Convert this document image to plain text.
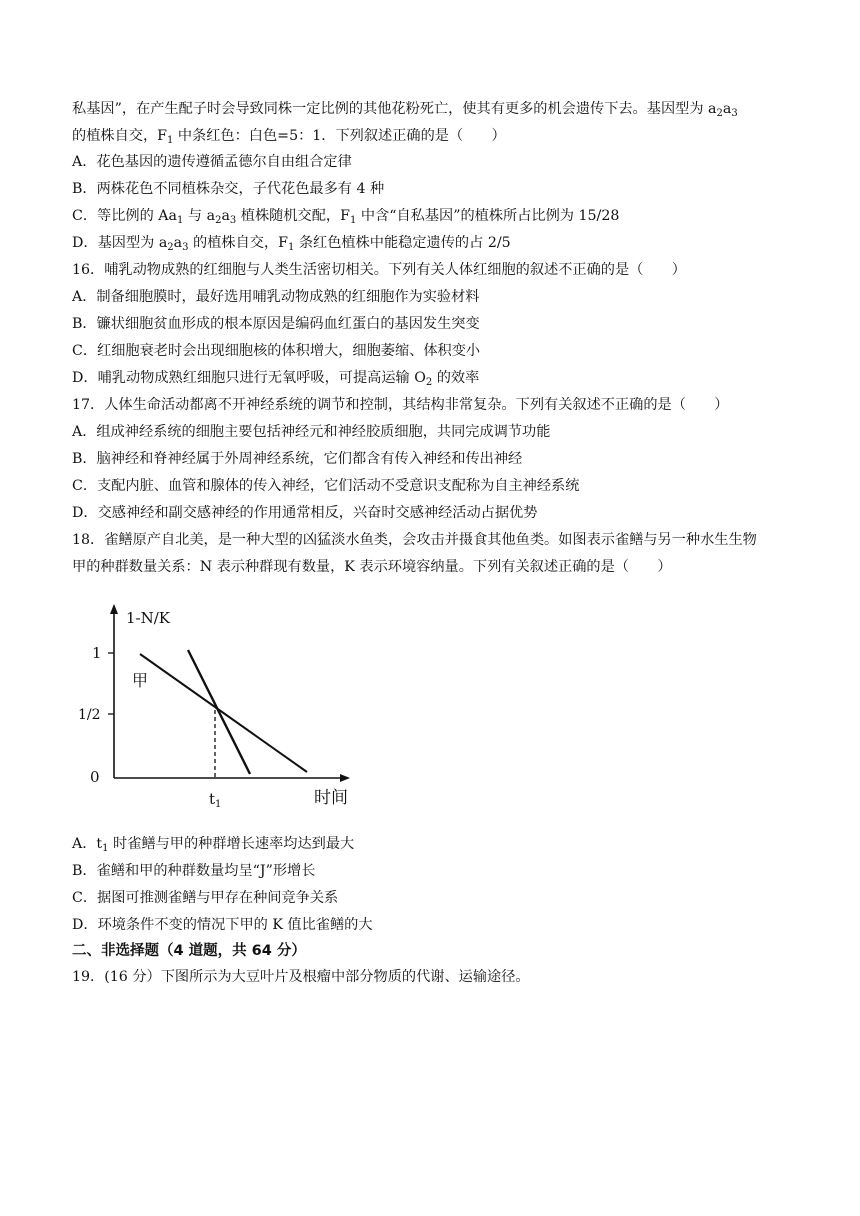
私基因”，在产生配子时会导致同株一定比例的其他花粉死亡，使其有更多的机会遗传下去。基因型为 $a_2a_3$
的植株自交，$F_1$ 中条红色：白色=5：1．下列叙述正确的是（　　）
A．花色基因的遗传遵循孟德尔自由组合定律
B．两株花色不同植株杂交，子代花色最多有 4 种
C．等比例的 $Aa_1$ 与 $a_2a_3$ 植株随机交配，$F_1$ 中含“自私基因”的植株所占比例为 15/28
D．基因型为 $a_2a_3$ 的植株自交，$F_1$ 条红色植株中能稳定遗传的占 2/5
16．哺乳动物成熟的红细胞与人类生活密切相关。下列有关人体红细胞的叙述不正确的是（　　）
A．制备细胞膜时，最好选用哺乳动物成熟的红细胞作为实验材料
B．镰状细胞贫血形成的根本原因是编码血红蛋白的基因发生突变
C．红细胞衰老时会出现细胞核的体积增大，细胞萎缩、体积变小
D．哺乳动物成熟红细胞只进行无氧呼吸，可提高运输 $O_2$ 的效率
17．人体生命活动都离不开神经系统的调节和控制，其结构非常复杂。下列有关叙述不正确的是（　　）
A．组成神经系统的细胞主要包括神经元和神经胶质细胞，共同完成调节功能
B．脑神经和脊神经属于外周神经系统，它们都含有传入神经和传出神经
C．支配内脏、血管和腺体的传入神经，它们活动不受意识支配称为自主神经系统
D．交感神经和副交感神经的作用通常相反，兴奋时交感神经活动占据优势
18．雀鳝原产自北美，是一种大型的凶猛淡水鱼类，会攻击并摄食其他鱼类。如图表示雀鳝与另一种水生生物
甲的种群数量关系：N 表示种群现有数量，K 表示环境容纳量。下列有关叙述正确的是（　　）
1-N/K
1
1/2
0
甲
$t_1$	时间
A．$t_1$ 时雀鳝与甲的种群增长速率均达到最大
B．雀鳝和甲的种群数量均呈“J”形增长
C．据图可推测雀鳝与甲存在种间竞争关系
D．环境条件不变的情况下甲的 K 值比雀鳝的大
二、非选择题（4 道题，共 64 分）
19．(16 分）下图所示为大豆叶片及根瘤中部分物质的代谢、运输途径。
